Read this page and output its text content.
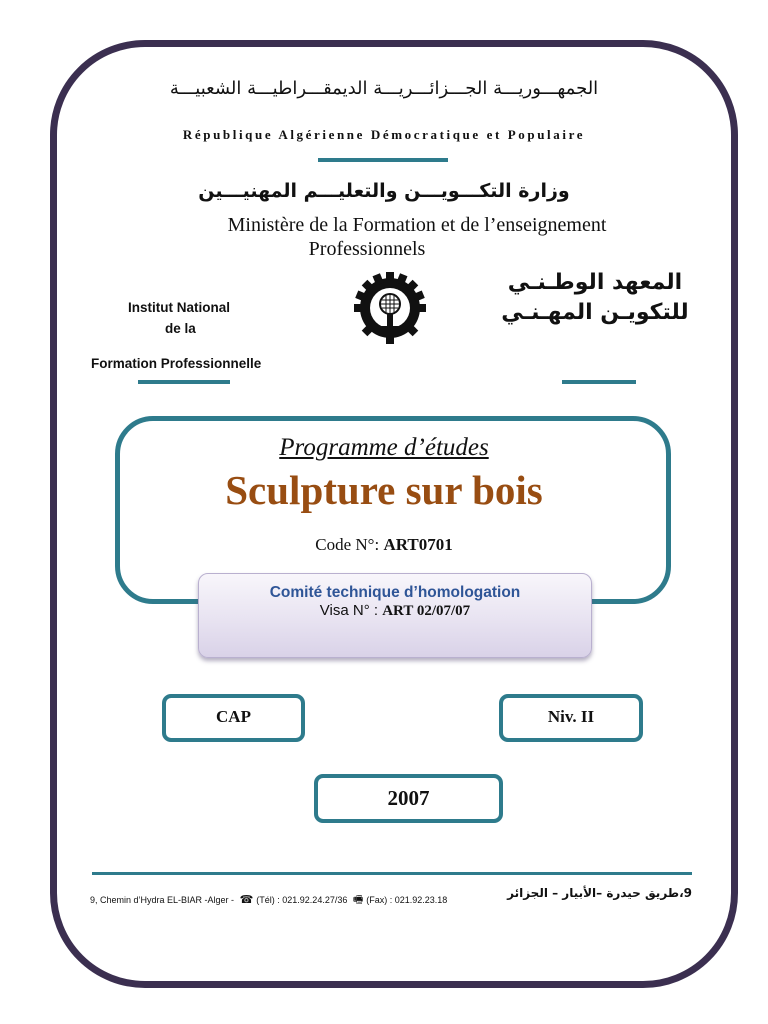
الجمهـــوريـــة الجـــزائـــريـــة الديمقـــراطيـــة الشعبيـــة
République Algérienne Démocratique et Populaire
وزارة التكـــويـــن والتعليـــم المهنيـــين
Ministère de la Formation et de l’enseignement
Professionnels
Institut National
de la
Formation Professionnelle
المعهد الوطـنـي
للتكويـن المهـنـي
Programme d’études
Sculpture sur bois
Code N°: ART0701
Comité technique d’homologation
Visa N° : ART 02/07/07
CAP	Niv. II
2007
9, Chemin d’Hydra EL-BIAR -Alger - ☎ (Tél) : 021.92.24.27/36 🖷 (Fax) : 021.92.23.18	9،طريق حيدرة –الأبيار – الجزائر
